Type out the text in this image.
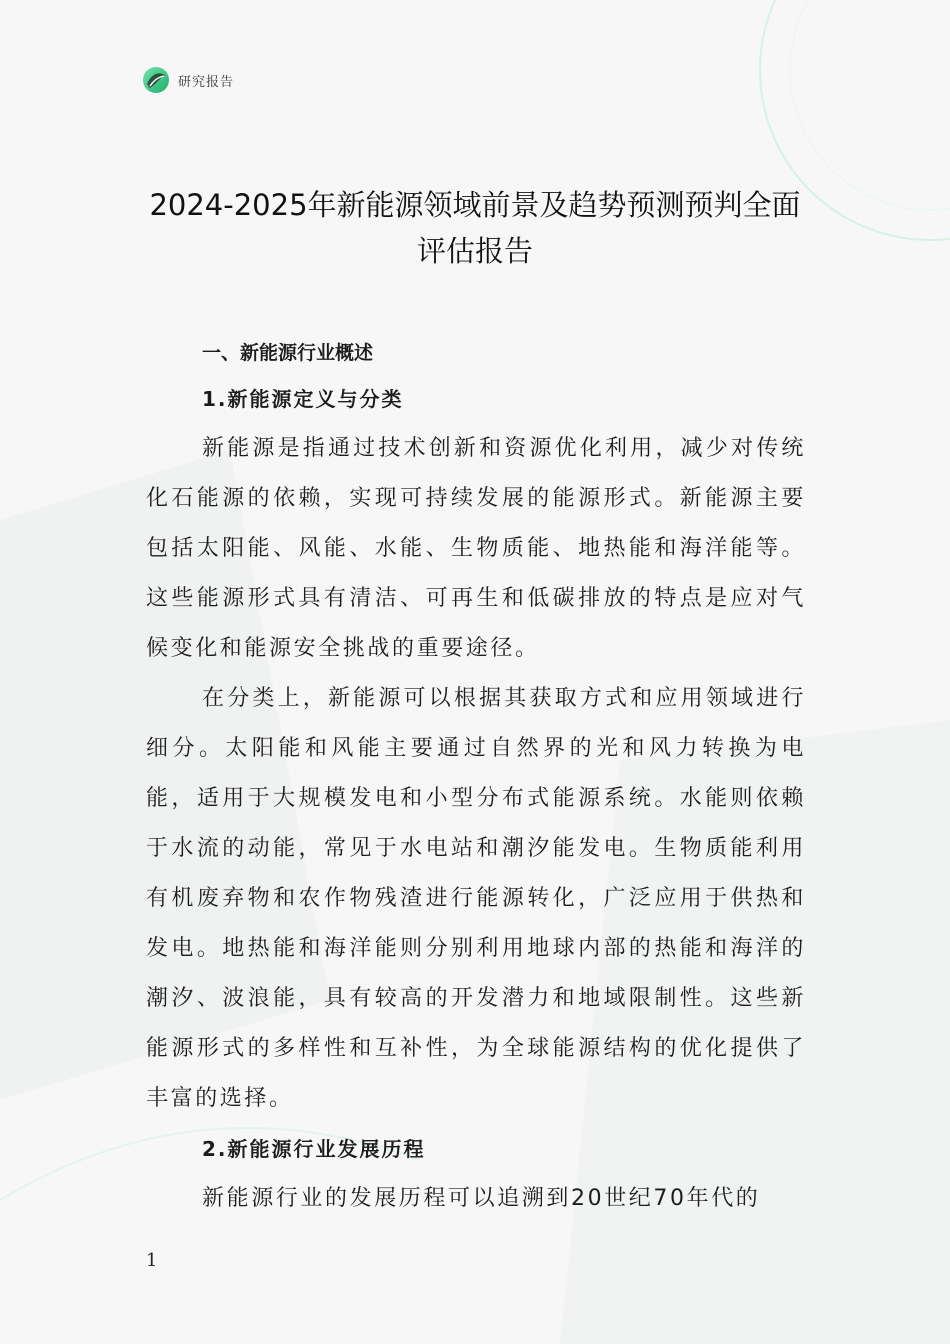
研究报告
2024-2025年新能源领域前景及趋势预测预判全面评估报告
一、新能源行业概述
1.新能源定义与分类

新能源是指通过技术创新和资源优化利用，减少对传统化石能源的依赖，实现可持续发展的能源形式。新能源主要包括太阳能、风能、水能、生物质能、地热能和海洋能等。这些能源形式具有清洁、可再生和低碳排放的特点是应对气候变化和能源安全挑战的重要途径。

在分类上，新能源可以根据其获取方式和应用领域进行细分。太阳能和风能主要通过自然界的光和风力转换为电能，适用于大规模发电和小型分布式能源系统。水能则依赖于水流的动能，常见于水电站和潮汐能发电。生物质能利用有机废弃物和农作物残渣进行能源转化，广泛应用于供热和发电。地热能和海洋能则分别利用地球内部的热能和海洋的潮汐、波浪能，具有较高的开发潜力和地域限制性。这些新能源形式的多样性和互补性，为全球能源结构的优化提供了丰富的选择。

2.新能源行业发展历程

新能源行业的发展历程可以追溯到20世纪70年代的

1
